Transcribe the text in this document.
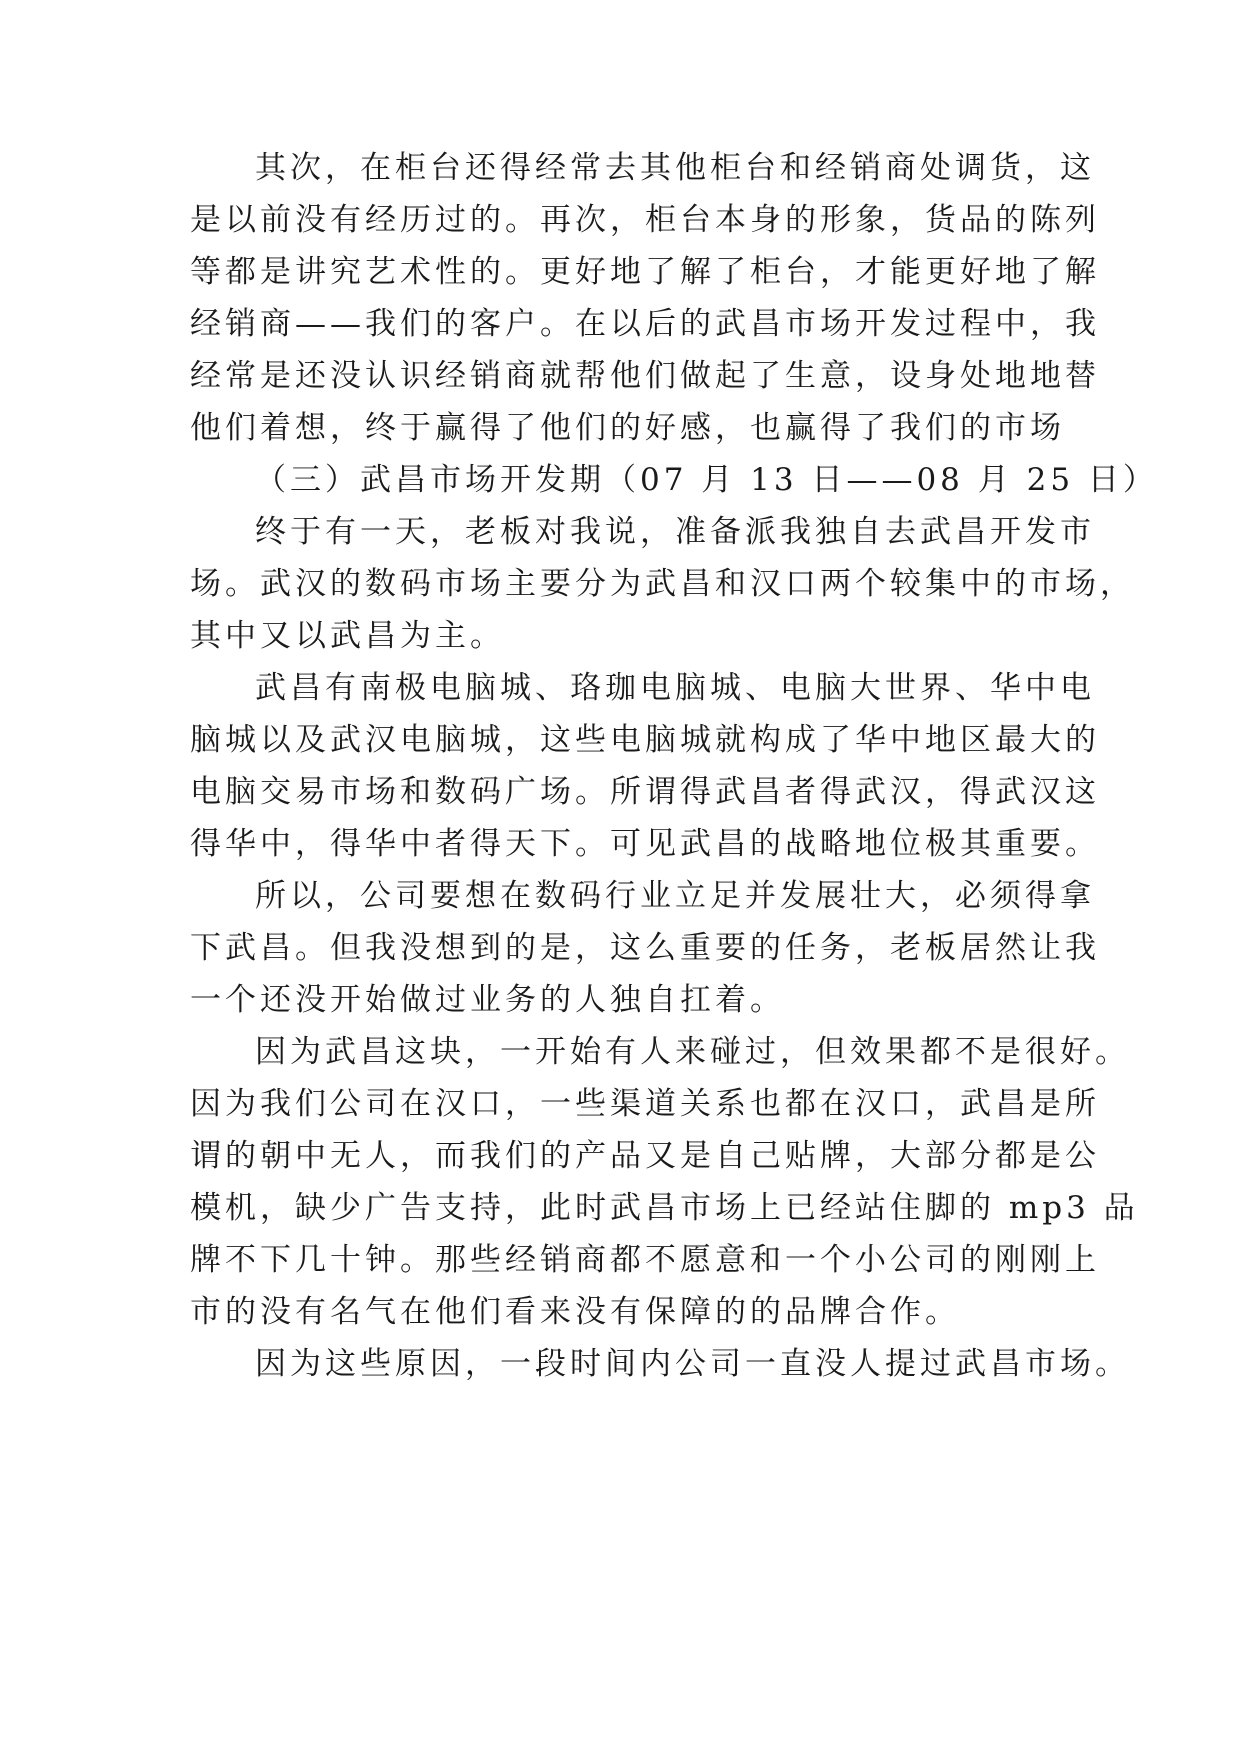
其次，在柜台还得经常去其他柜台和经销商处调货，这
是以前没有经历过的。再次，柜台本身的形象，货品的陈列
等都是讲究艺术性的。更好地了解了柜台，才能更好地了解
经销商——我们的客户。在以后的武昌市场开发过程中，我
经常是还没认识经销商就帮他们做起了生意，设身处地地替
他们着想，终于赢得了他们的好感，也赢得了我们的市场
（三）武昌市场开发期（07 月 13 日——08 月 25 日）
终于有一天，老板对我说，准备派我独自去武昌开发市
场。武汉的数码市场主要分为武昌和汉口两个较集中的市场，
其中又以武昌为主。
武昌有南极电脑城、珞珈电脑城、电脑大世界、华中电
脑城以及武汉电脑城，这些电脑城就构成了华中地区最大的
电脑交易市场和数码广场。所谓得武昌者得武汉，得武汉这
得华中，得华中者得天下。可见武昌的战略地位极其重要。
所以，公司要想在数码行业立足并发展壮大，必须得拿
下武昌。但我没想到的是，这么重要的任务，老板居然让我
一个还没开始做过业务的人独自扛着。
因为武昌这块，一开始有人来碰过，但效果都不是很好。
因为我们公司在汉口，一些渠道关系也都在汉口，武昌是所
谓的朝中无人，而我们的产品又是自己贴牌，大部分都是公
模机，缺少广告支持，此时武昌市场上已经站住脚的 mp3 品
牌不下几十钟。那些经销商都不愿意和一个小公司的刚刚上
市的没有名气在他们看来没有保障的的品牌合作。
因为这些原因，一段时间内公司一直没人提过武昌市场。
